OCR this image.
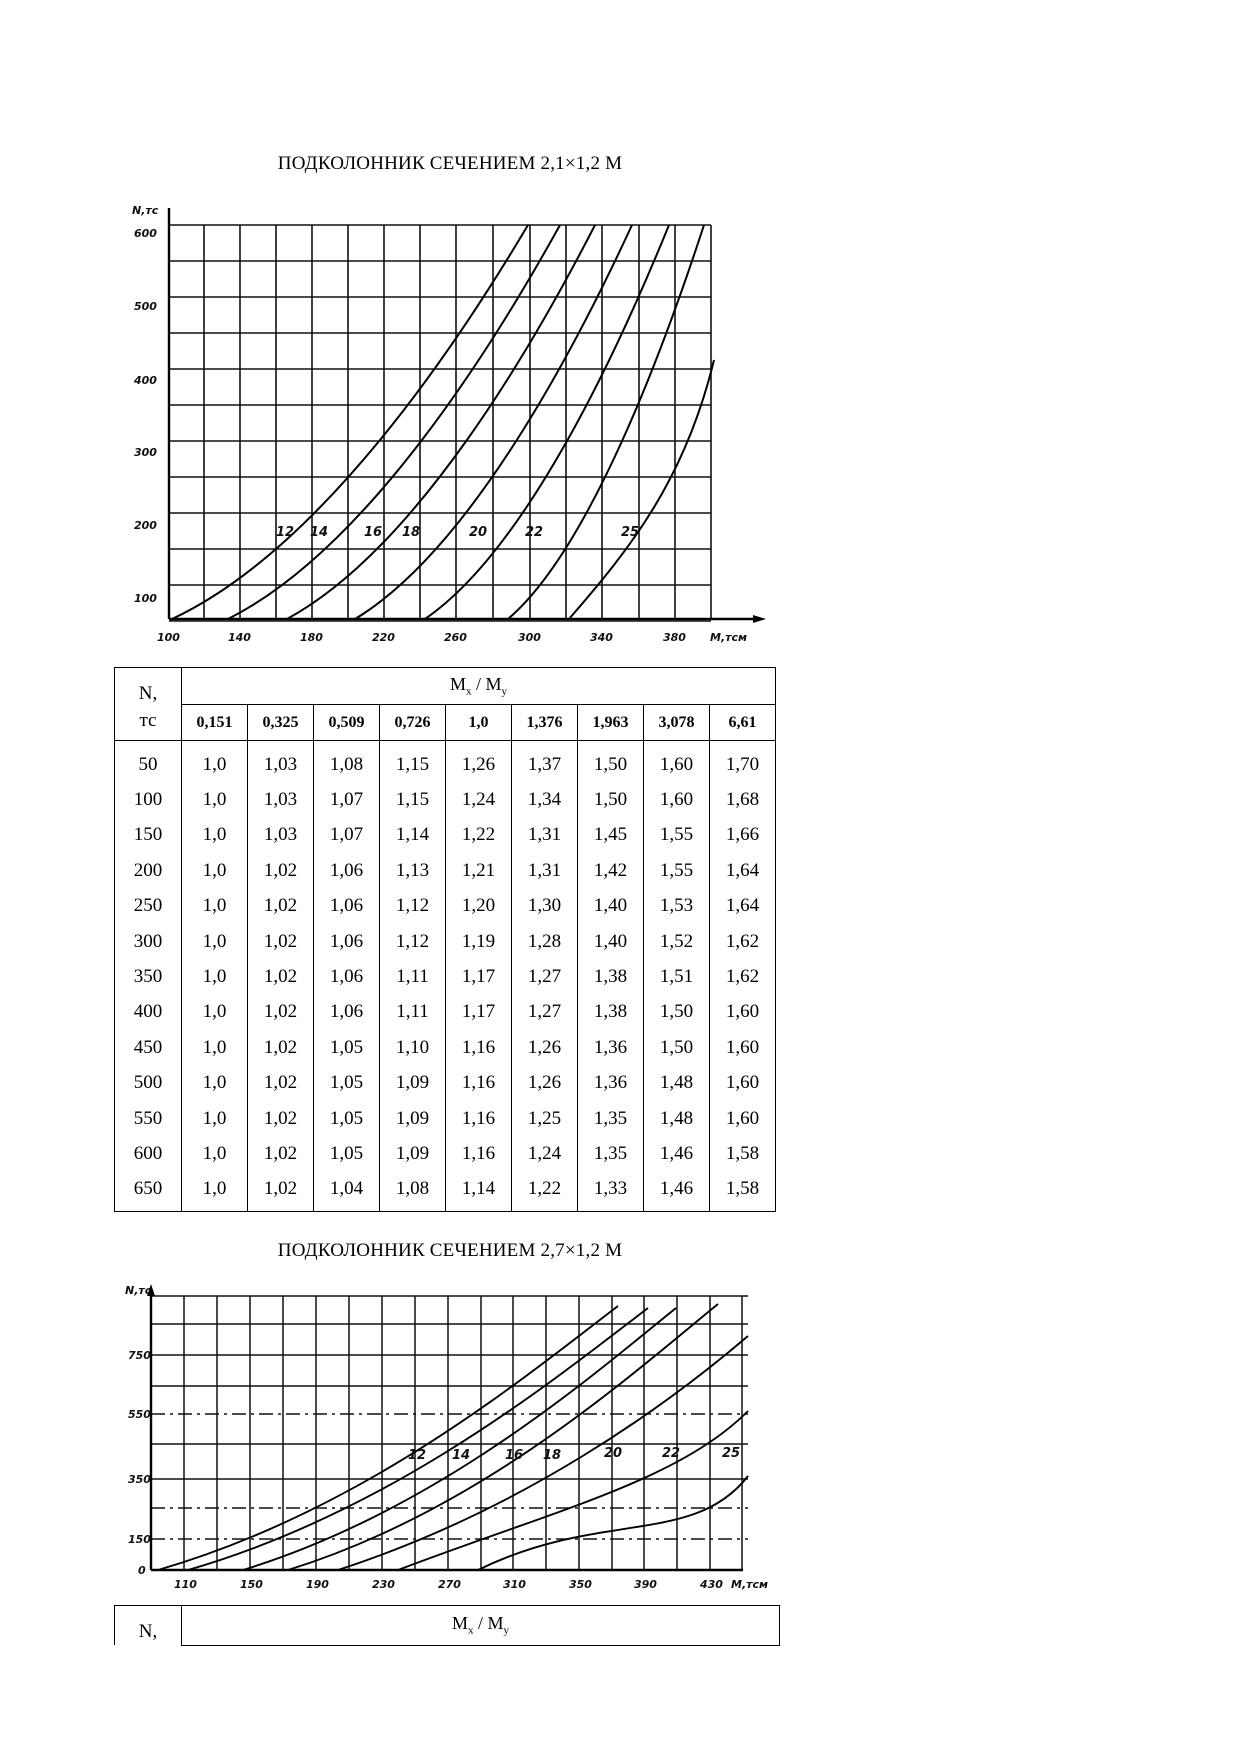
ПОДКОЛОННИК СЕЧЕНИЕМ 2,1×1,2 М
100
200
300
400
500
600
N,тс
100	140	180	220	260	300	340	380 M,тсм
12 14	16 18	20	22	25
N,
тс	$M_x / M_y$
	0,151	0,325	0,509	0,726	1,0	1,376	1,963	3,078	6,61
50	1,0	1,03	1,08	1,15	1,26	1,37	1,50	1,60	1,70
100	1,0	1,03	1,07	1,15	1,24	1,34	1,50	1,60	1,68
150	1,0	1,03	1,07	1,14	1,22	1,31	1,45	1,55	1,66
200	1,0	1,02	1,06	1,13	1,21	1,31	1,42	1,55	1,64
250	1,0	1,02	1,06	1,12	1,20	1,30	1,40	1,53	1,64
300	1,0	1,02	1,06	1,12	1,19	1,28	1,40	1,52	1,62
350	1,0	1,02	1,06	1,11	1,17	1,27	1,38	1,51	1,62
400	1,0	1,02	1,06	1,11	1,17	1,27	1,38	1,50	1,60
450	1,0	1,02	1,05	1,10	1,16	1,26	1,36	1,50	1,60
500	1,0	1,02	1,05	1,09	1,16	1,26	1,36	1,48	1,60
550	1,0	1,02	1,05	1,09	1,16	1,25	1,35	1,48	1,60
600	1,0	1,02	1,05	1,09	1,16	1,24	1,35	1,46	1,58
650	1,0	1,02	1,04	1,08	1,14	1,22	1,33	1,46	1,58
ПОДКОЛОННИК СЕЧЕНИЕМ 2,7×1,2 М
0
150
350
550
750
N,тс
110	150	190	230	270	310	350	390	430 M,тсм
12 14	16 18	20	22	25
N,	$M_x / M_y$
